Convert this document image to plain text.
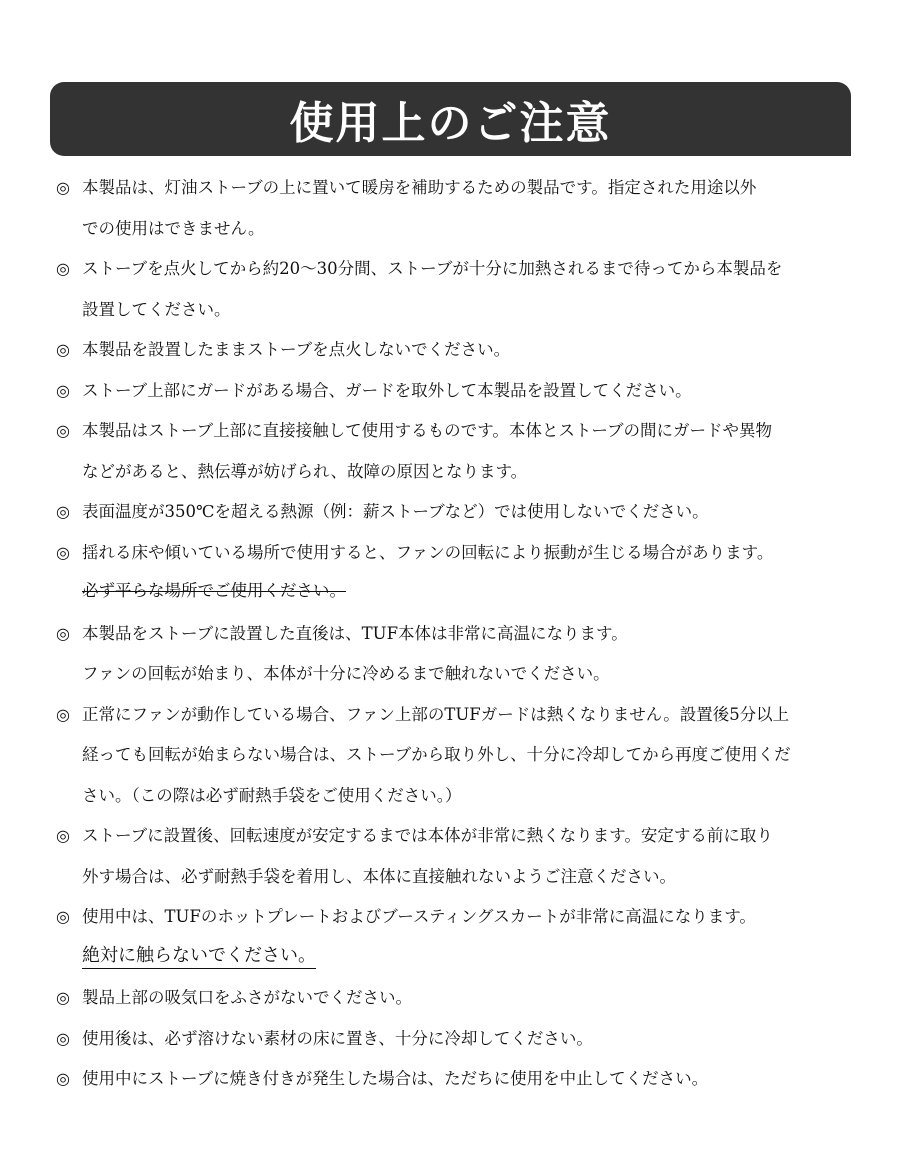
使用上のご注意
◎ 本製品は、灯油ストーブの上に置いて暖房を補助するための製品です。指定された用途以外
での使用はできません。
◎ ストーブを点火してから約20～30分間、ストーブが十分に加熱されるまで待ってから本製品を
設置してください。
◎ 本製品を設置したままストーブを点火しないでください。
◎ ストーブ上部にガードがある場合、ガードを取外して本製品を設置してください。
◎ 本製品はストーブ上部に直接接触して使用するものです。本体とストーブの間にガードや異物
などがあると、熱伝導が妨げられ、故障の原因となります。
◎ 表面温度が350℃を超える熱源（例：薪ストーブなど）では使用しないでください。
◎ 揺れる床や傾いている場所で使用すると、ファンの回転により振動が生じる場合があります。
必ず平らな場所でご使用ください。
◎ 本製品をストーブに設置した直後は、TUF本体は非常に高温になります。
ファンの回転が始まり、本体が十分に冷めるまで触れないでください。
◎ 正常にファンが動作している場合、ファン上部のTUFガードは熱くなりません。設置後5分以上
経っても回転が始まらない場合は、ストーブから取り外し、十分に冷却してから再度ご使用くだ
さい。（この際は必ず耐熱手袋をご使用ください。）
◎ ストーブに設置後、回転速度が安定するまでは本体が非常に熱くなります。安定する前に取り
外す場合は、必ず耐熱手袋を着用し、本体に直接触れないようご注意ください。
◎ 使用中は、TUFのホットプレートおよびブースティングスカートが非常に高温になります。
絶対に触らないでください。
◎ 製品上部の吸気口をふさがないでください。
◎ 使用後は、必ず溶けない素材の床に置き、十分に冷却してください。
◎ 使用中にストーブに焼き付きが発生した場合は、ただちに使用を中止してください。
